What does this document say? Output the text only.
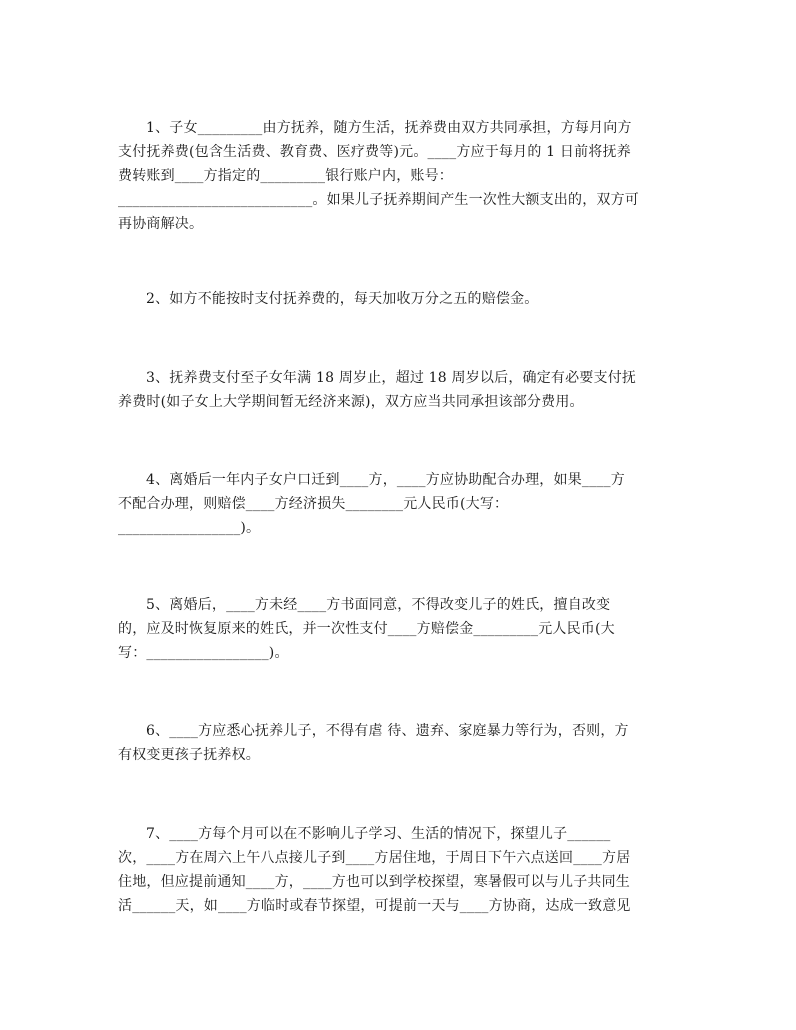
1、子女_________由方抚养，随方生活，抚养费由双方共同承担，方每月向方
支付抚养费(包含生活费、教育费、医疗费等)元。____方应于每月的 1 日前将抚养
费转账到____方指定的_________银行账户内，账号：
___________________________。如果儿子抚养期间产生一次性大额支出的，双方可
再协商解决。
2、如方不能按时支付抚养费的，每天加收万分之五的赔偿金。
3、抚养费支付至子女年满 18 周岁止，超过 18 周岁以后，确定有必要支付抚
养费时(如子女上大学期间暂无经济来源)，双方应当共同承担该部分费用。
4、离婚后一年内子女户口迁到____方，____方应协助配合办理，如果____方
不配合办理，则赔偿____方经济损失________元人民币(大写：
_________________)。
5、离婚后，____方未经____方书面同意，不得改变儿子的姓氏，擅自改变
的，应及时恢复原来的姓氏，并一次性支付____方赔偿金_________元人民币(大
写：_________________)。
6、____方应悉心抚养儿子，不得有虐 待、遗弃、家庭暴力等行为，否则，方
有权变更孩子抚养权。
7、____方每个月可以在不影响儿子学习、生活的情况下，探望儿子______
次，____方在周六上午八点接儿子到____方居住地，于周日下午六点送回____方居
住地，但应提前通知____方，____方也可以到学校探望，寒暑假可以与儿子共同生
活______天，如____方临时或春节探望，可提前一天与____方协商，达成一致意见
